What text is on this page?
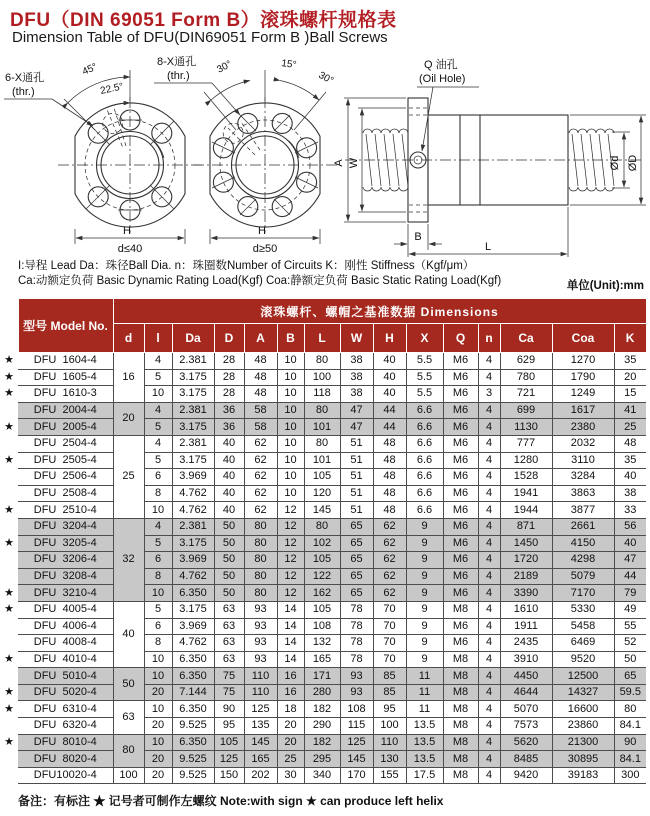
DFU（DIN 69051 Form B）滚珠螺杆规格表
Dimension Table of DFU(DIN69051 Form B )Ball Screws
45°
22.5°
6-X通孔
(thr.)
H
d≤40
30°	15°
30°
8-X通孔
(thr.)
H
d≥50
Q 油孔
(Oil Hole)
A W	Ød ØD
B
L
I:导程 Lead Da：珠径Ball Dia. n：珠圈数Number of Circuits K：刚性 Stiffness（Kgf/μm）
Ca:动额定负荷 Basic Dynamic Rating Load(Kgf) Coa:静额定负荷 Basic Static Rating Load(Kgf)	单位(Unit):mm
	型号 Model No.	滚珠螺杆、螺帽之基准数据 Dimensions														
		d	l	Da	D	A	B	L	W	H	X	Q	n	Ca	Coa	K
★	DFU  1604-4	16	4	2.381	28	48	10	80	38	40	5.5	M6	4	629	1270	35
★	DFU  1605-4		5	3.175	28	48	10	100	38	40	5.5	M6	4	780	1790	20
★	DFU  1610-3		10	3.175	28	48	10	118	38	40	5.5	M6	3	721	1249	15
	DFU  2004-4	20	4	2.381	36	58	10	80	47	44	6.6	M6	4	699	1617	41
★	DFU  2005-4		5	3.175	36	58	10	101	47	44	6.6	M6	4	1130	2380	25
	DFU  2504-4	25	4	2.381	40	62	10	80	51	48	6.6	M6	4	777	2032	48
★	DFU  2505-4		5	3.175	40	62	10	101	51	48	6.6	M6	4	1280	3110	35
	DFU  2506-4		6	3.969	40	62	10	105	51	48	6.6	M6	4	1528	3284	40
	DFU  2508-4		8	4.762	40	62	10	120	51	48	6.6	M6	4	1941	3863	38
★	DFU  2510-4		10	4.762	40	62	12	145	51	48	6.6	M6	4	1944	3877	33
	DFU  3204-4	32	4	2.381	50	80	12	80	65	62	9	M6	4	871	2661	56
★	DFU  3205-4		5	3.175	50	80	12	102	65	62	9	M6	4	1450	4150	40
	DFU  3206-4		6	3.969	50	80	12	105	65	62	9	M6	4	1720	4298	47
	DFU  3208-4		8	4.762	50	80	12	122	65	62	9	M6	4	2189	5079	44
★	DFU  3210-4		10	6.350	50	80	12	162	65	62	9	M6	4	3390	7170	79
★	DFU  4005-4	40	5	3.175	63	93	14	105	78	70	9	M8	4	1610	5330	49
	DFU  4006-4		6	3.969	63	93	14	108	78	70	9	M6	4	1911	5458	55
	DFU  4008-4		8	4.762	63	93	14	132	78	70	9	M6	4	2435	6469	52
★	DFU  4010-4		10	6.350	63	93	14	165	78	70	9	M8	4	3910	9520	50
	DFU  5010-4	50	10	6.350	75	110	16	171	93	85	11	M8	4	4450	12500	65
★	DFU  5020-4		20	7.144	75	110	16	280	93	85	11	M8	4	4644	14327	59.5
★	DFU  6310-4	63	10	6.350	90	125	18	182	108	95	11	M8	4	5070	16600	80
	DFU  6320-4		20	9.525	95	135	20	290	115	100	13.5	M8	4	7573	23860	84.1
★	DFU  8010-4	80	10	6.350	105	145	20	182	125	110	13.5	M8	4	5620	21300	90
	DFU  8020-4		20	9.525	125	165	25	295	145	130	13.5	M8	4	8485	30895	84.1
	DFU10020-4	100	20	9.525	150	202	30	340	170	155	17.5	M8	4	9420	39183	300
备注：有标注 ★ 记号者可制作左螺纹 Note:with sign ★ can produce left helix
